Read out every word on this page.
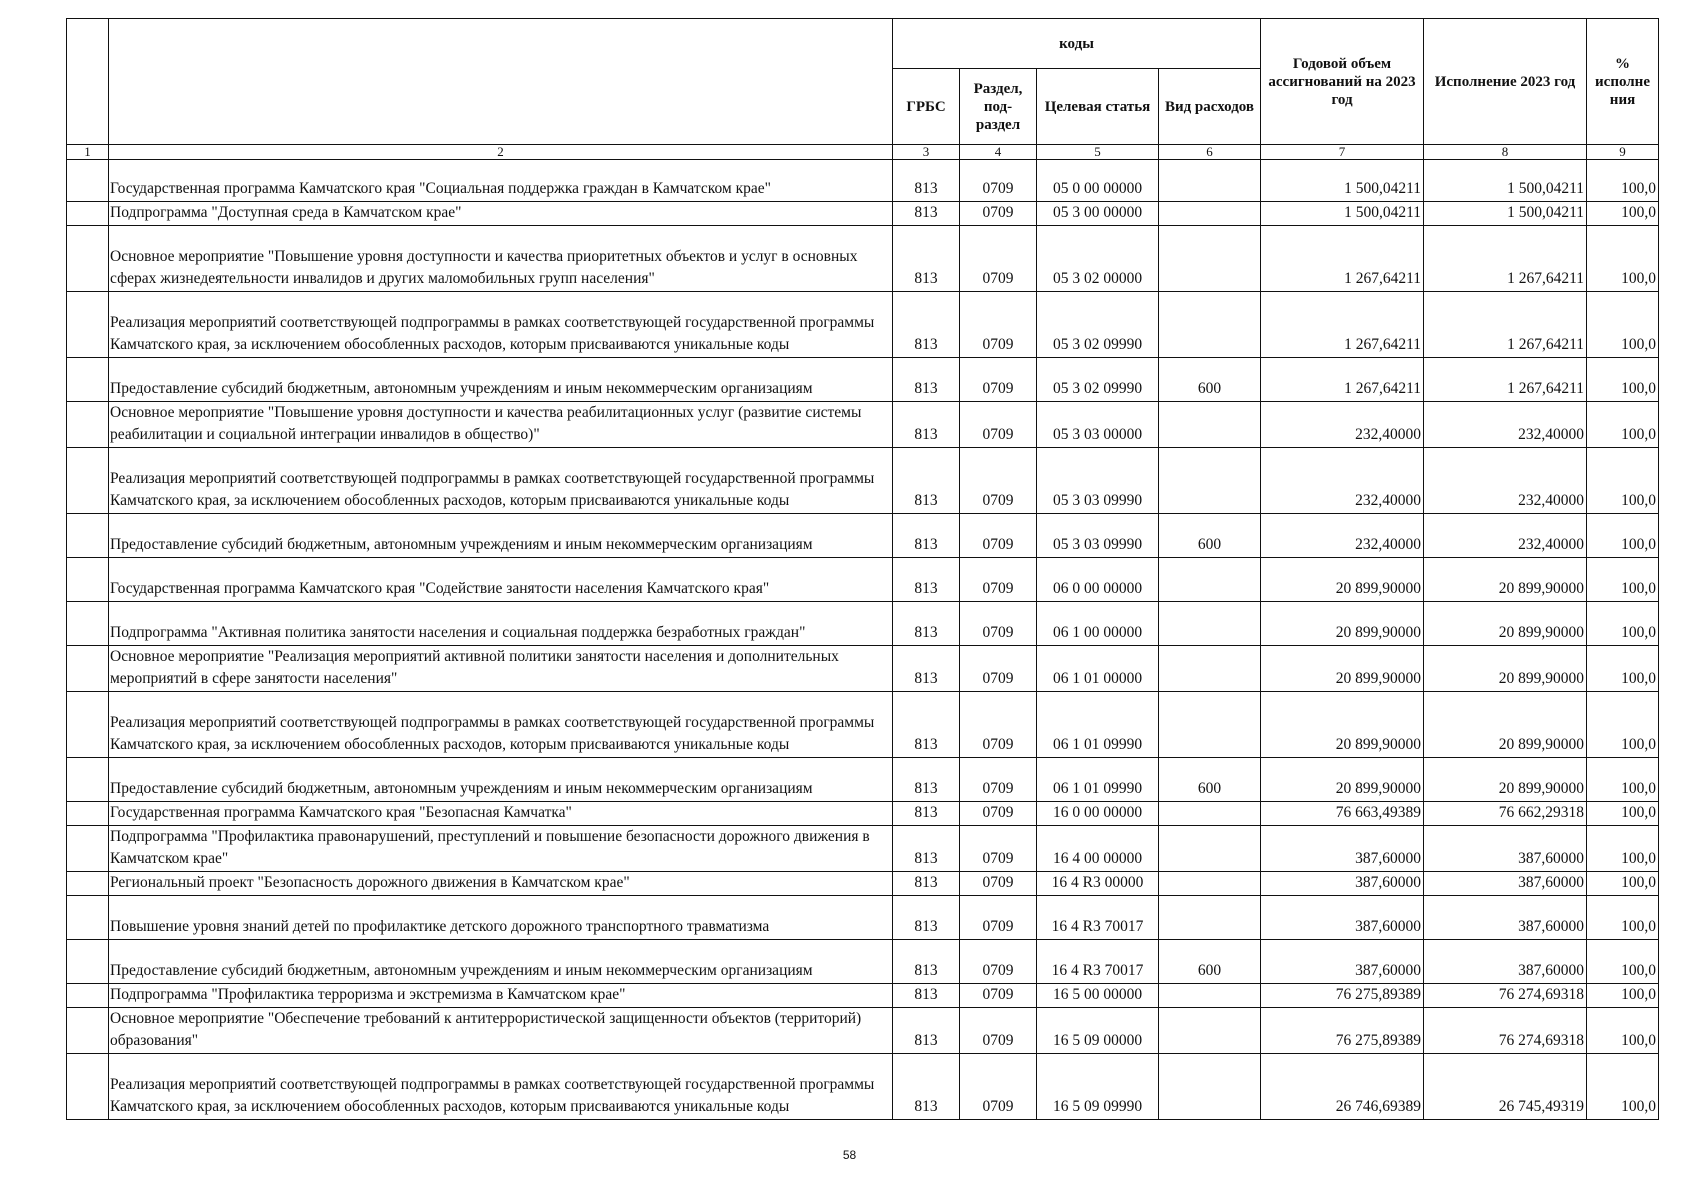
		коды				Годовой объем ассигнований на 2023 год	Исполнение 2023 год	% исполне ния
		ГРБС	Раздел, под-раздел	Целевая статья	Вид расходов			
1	2	3	4	5	6	7	8	9
	Государственная программа Камчатского края "Социальная поддержка граждан в Камчатском крае"	813	0709	05 0 00 00000		1 500,04211	1 500,04211	100,0
	Подпрограмма "Доступная среда в Камчатском крае"	813	0709	05 3 00 00000		1 500,04211	1 500,04211	100,0
	Основное мероприятие "Повышение уровня доступности и качества приоритетных объектов и услуг в основных сферах жизнедеятельности инвалидов и других маломобильных групп населения"	813	0709	05 3 02 00000		1 267,64211	1 267,64211	100,0
	Реализация мероприятий соответствующей подпрограммы в рамках соответствующей государственной программы Камчатского края, за исключением обособленных расходов, которым присваиваются уникальные коды	813	0709	05 3 02 09990		1 267,64211	1 267,64211	100,0
	Предоставление субсидий бюджетным, автономным учреждениям и иным некоммерческим организациям	813	0709	05 3 02 09990	600	1 267,64211	1 267,64211	100,0
	Основное мероприятие "Повышение уровня доступности и качества реабилитационных услуг (развитие системы реабилитации и социальной интеграции инвалидов в общество)"	813	0709	05 3 03 00000		232,40000	232,40000	100,0
	Реализация мероприятий соответствующей подпрограммы в рамках соответствующей государственной программы Камчатского края, за исключением обособленных расходов, которым присваиваются уникальные коды	813	0709	05 3 03 09990		232,40000	232,40000	100,0
	Предоставление субсидий бюджетным, автономным учреждениям и иным некоммерческим организациям	813	0709	05 3 03 09990	600	232,40000	232,40000	100,0
	Государственная программа Камчатского края "Содействие занятости населения Камчатского края"	813	0709	06 0 00 00000		20 899,90000	20 899,90000	100,0
	Подпрограмма "Активная политика занятости населения и социальная поддержка безработных граждан"	813	0709	06 1 00 00000		20 899,90000	20 899,90000	100,0
	Основное мероприятие "Реализация мероприятий активной политики занятости населения и дополнительных мероприятий в сфере занятости населения"	813	0709	06 1 01 00000		20 899,90000	20 899,90000	100,0
	Реализация мероприятий соответствующей подпрограммы в рамках соответствующей государственной программы Камчатского края, за исключением обособленных расходов, которым присваиваются уникальные коды	813	0709	06 1 01 09990		20 899,90000	20 899,90000	100,0
	Предоставление субсидий бюджетным, автономным учреждениям и иным некоммерческим организациям	813	0709	06 1 01 09990	600	20 899,90000	20 899,90000	100,0
	Государственная программа Камчатского края "Безопасная Камчатка"	813	0709	16 0 00 00000		76 663,49389	76 662,29318	100,0
	Подпрограмма "Профилактика правонарушений, преступлений и повышение безопасности дорожного движения в Камчатском крае"	813	0709	16 4 00 00000		387,60000	387,60000	100,0
	Региональный проект "Безопасность дорожного движения в Камчатском крае"	813	0709	16 4 R3 00000		387,60000	387,60000	100,0
	Повышение уровня знаний детей по профилактике детского дорожного транспортного травматизма	813	0709	16 4 R3 70017		387,60000	387,60000	100,0
	Предоставление субсидий бюджетным, автономным учреждениям и иным некоммерческим организациям	813	0709	16 4 R3 70017	600	387,60000	387,60000	100,0
	Подпрограмма "Профилактика терроризма и экстремизма в Камчатском крае"	813	0709	16 5 00 00000		76 275,89389	76 274,69318	100,0
	Основное мероприятие "Обеспечение требований к антитеррористической защищенности объектов (территорий) образования"	813	0709	16 5 09 00000		76 275,89389	76 274,69318	100,0
	Реализация мероприятий соответствующей подпрограммы в рамках соответствующей государственной программы Камчатского края, за исключением обособленных расходов, которым присваиваются уникальные коды	813	0709	16 5 09 09990		26 746,69389	26 745,49319	100,0
58
